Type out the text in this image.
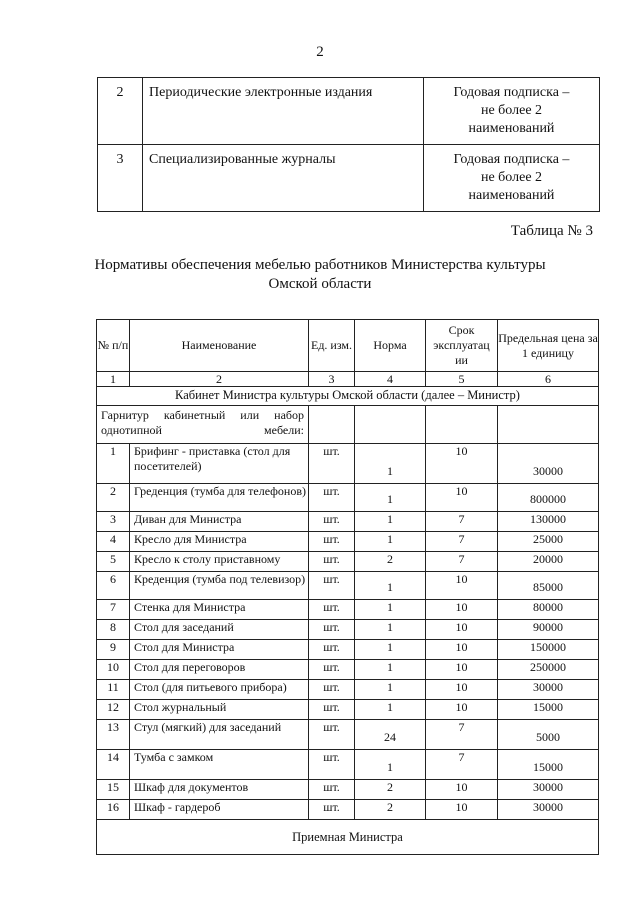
2
2	Периодические электронные издания	Годовая подписка –
не более 2
наименований

3	Специализированные журналы	Годовая подписка –
не более 2
наименований
Таблица № 3
Нормативы обеспечения мебелью работников Министерства культуры
Омской области
№ п/п	Наименование	Ед. изм.	Норма	Срок эксплуатац ии	Предельная цена за 1 единицу
1	2	3	4	5	6
Кабинет Министра культуры Омской области (далее – Министр)					
Гарнитур кабинетный или набор однотипной мебели:					
1	Брифинг - приставка (стол для посетителей)	шт.	1	10	30000
2	Греденция (тумба для телефонов)	шт.	1	10	800000
3	Диван для Министра	шт.	1	7	130000
4	Кресло для Министра	шт.	1	7	25000
5	Кресло к столу приставному	шт.	2	7	20000
6	Креденция (тумба под телевизор)	шт.	1	10	85000
7	Стенка для Министра	шт.	1	10	80000
8	Стол для заседаний	шт.	1	10	90000
9	Стол для Министра	шт.	1	10	150000
10	Стол для переговоров	шт.	1	10	250000
11	Стол (для питьевого прибора)	шт.	1	10	30000
12	Стол журнальный	шт.	1	10	15000
13	Стул (мягкий) для заседаний	шт.	24	7	5000
14	Тумба с замком	шт.	1	7	15000
15	Шкаф для документов	шт.	2	10	30000
16	Шкаф - гардероб	шт.	2	10	30000
Приемная Министра					
